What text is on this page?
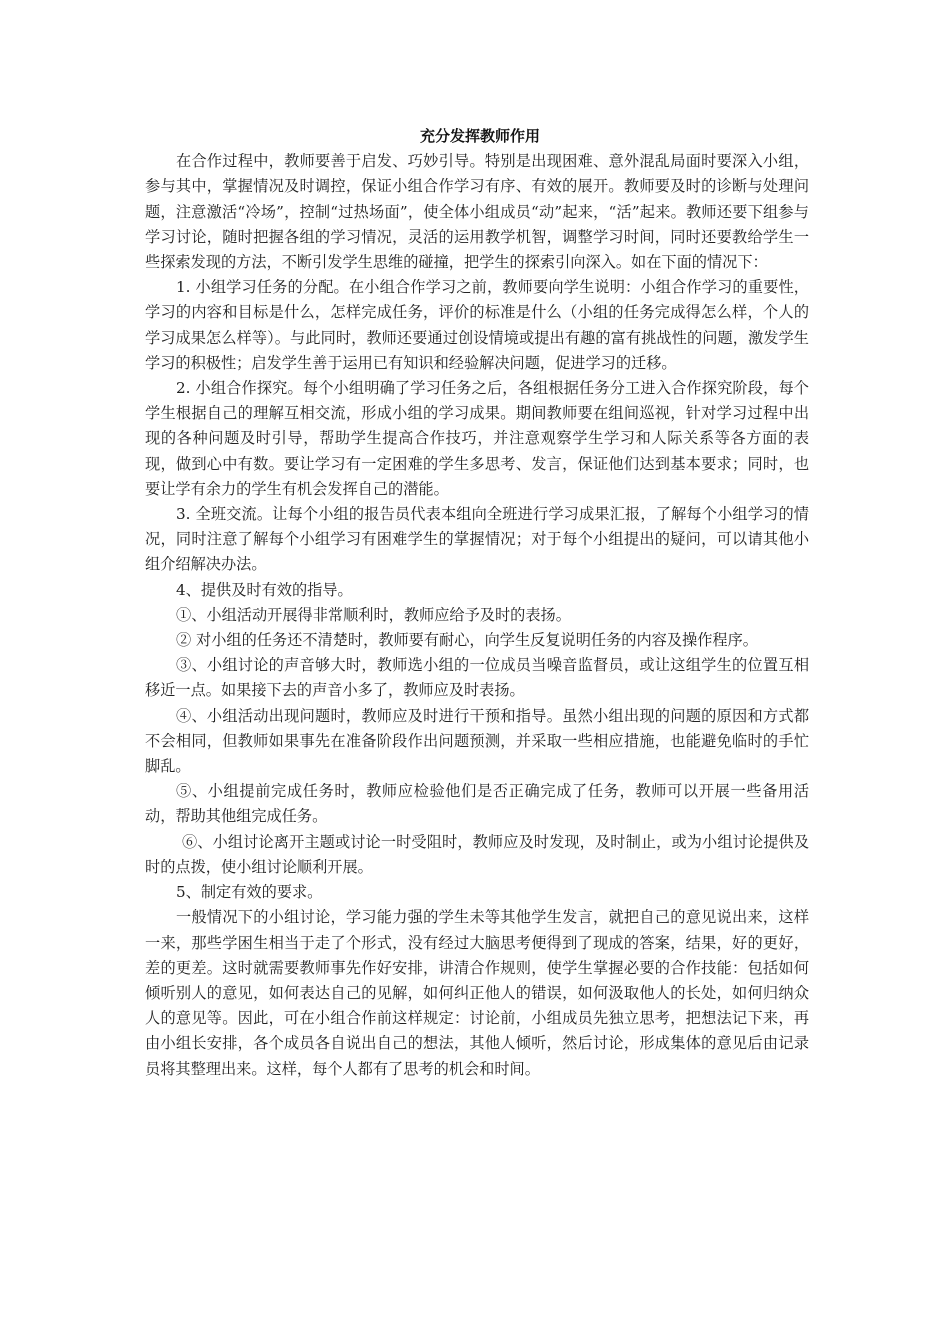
充分发挥教师作用

在合作过程中，教师要善于启发、巧妙引导。特别是出现困难、意外混乱局面时要深入小组，参与其中，掌握情况及时调控，保证小组合作学习有序、有效的展开。教师要及时的诊断与处理问题，注意激活“冷场”，控制“过热场面”，使全体小组成员“动”起来，“活”起来。教师还要下组参与学习讨论，随时把握各组的学习情况，灵活的运用教学机智，调整学习时间，同时还要教给学生一些探索发现的方法，不断引发学生思维的碰撞，把学生的探索引向深入。如在下面的情况下：

1. 小组学习任务的分配。在小组合作学习之前，教师要向学生说明：小组合作学习的重要性，学习的内容和目标是什么，怎样完成任务，评价的标准是什么（小组的任务完成得怎么样，个人的学习成果怎么样等）。与此同时，教师还要通过创设情境或提出有趣的富有挑战性的问题，激发学生学习的积极性；启发学生善于运用已有知识和经验解决问题，促进学习的迁移。

2. 小组合作探究。每个小组明确了学习任务之后，各组根据任务分工进入合作探究阶段，每个学生根据自己的理解互相交流，形成小组的学习成果。期间教师要在组间巡视，针对学习过程中出现的各种问题及时引导，帮助学生提高合作技巧，并注意观察学生学习和人际关系等各方面的表现，做到心中有数。要让学习有一定困难的学生多思考、发言，保证他们达到基本要求；同时，也要让学有余力的学生有机会发挥自己的潜能。

3. 全班交流。让每个小组的报告员代表本组向全班进行学习成果汇报，了解每个小组学习的情况，同时注意了解每个小组学习有困难学生的掌握情况；对于每个小组提出的疑问，可以请其他小组介绍解决办法。

4、提供及时有效的指导。

①、小组活动开展得非常顺利时，教师应给予及时的表扬。

② 对小组的任务还不清楚时，教师要有耐心，向学生反复说明任务的内容及操作程序。

③、小组讨论的声音够大时，教师选小组的一位成员当噪音监督员，或让这组学生的位置互相移近一点。如果接下去的声音小多了，教师应及时表扬。

④、小组活动出现问题时，教师应及时进行干预和指导。虽然小组出现的问题的原因和方式都不会相同，但教师如果事先在准备阶段作出问题预测，并采取一些相应措施，也能避免临时的手忙脚乱。

⑤、小组提前完成任务时，教师应检验他们是否正确完成了任务，教师可以开展一些备用活动，帮助其他组完成任务。

⑥、小组讨论离开主题或讨论一时受阻时，教师应及时发现，及时制止，或为小组讨论提供及时的点拨，使小组讨论顺利开展。

5、制定有效的要求。

一般情况下的小组讨论，学习能力强的学生未等其他学生发言，就把自己的意见说出来，这样一来，那些学困生相当于走了个形式，没有经过大脑思考便得到了现成的答案，结果，好的更好，差的更差。这时就需要教师事先作好安排，讲清合作规则，使学生掌握必要的合作技能：包括如何倾听别人的意见，如何表达自己的见解，如何纠正他人的错误，如何汲取他人的长处，如何归纳众人的意见等。因此，可在小组合作前这样规定：讨论前，小组成员先独立思考，把想法记下来，再由小组长安排，各个成员各自说出自己的想法，其他人倾听，然后讨论，形成集体的意见后由记录员将其整理出来。这样，每个人都有了思考的机会和时间。
